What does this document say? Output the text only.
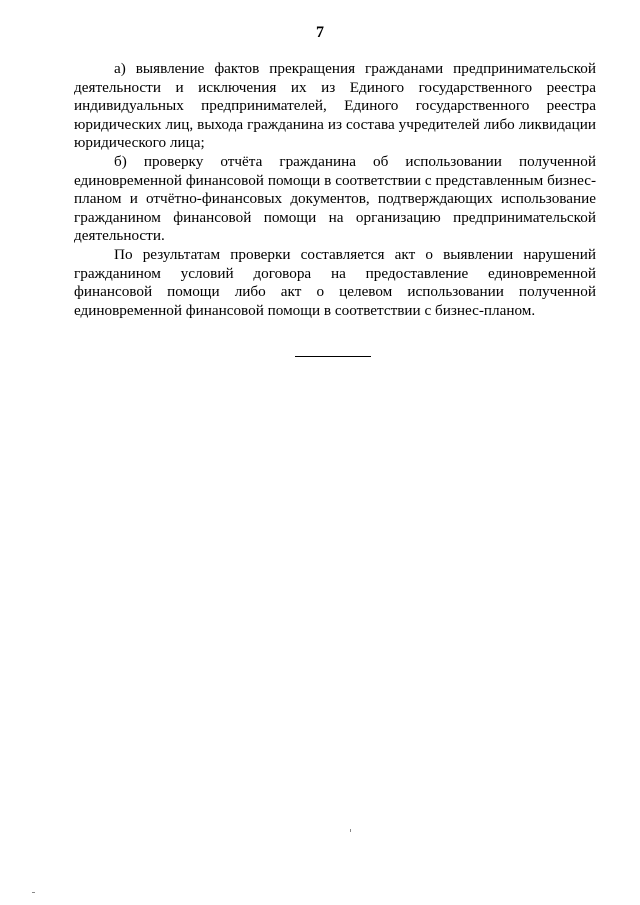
7

а) выявление фактов прекращения гражданами предпринимательской деятельности и исключения их из Единого государственного реестра индивидуальных предпринимателей, Единого государственного реестра юридических лиц, выхода гражданина из состава учредителей либо ликвидации юридического лица;

б) проверку отчёта гражданина об использовании полученной единовременной финансовой помощи в соответствии с представленным бизнес-планом и отчётно-финансовых документов, подтверждающих использование гражданином финансовой помощи на организацию предпринимательской деятельности.

По результатам проверки составляется акт о выявлении нарушений гражданином условий договора на предоставление единовременной финансовой помощи либо акт о целевом использовании полученной единовременной финансовой помощи в соответствии с бизнес-планом.
